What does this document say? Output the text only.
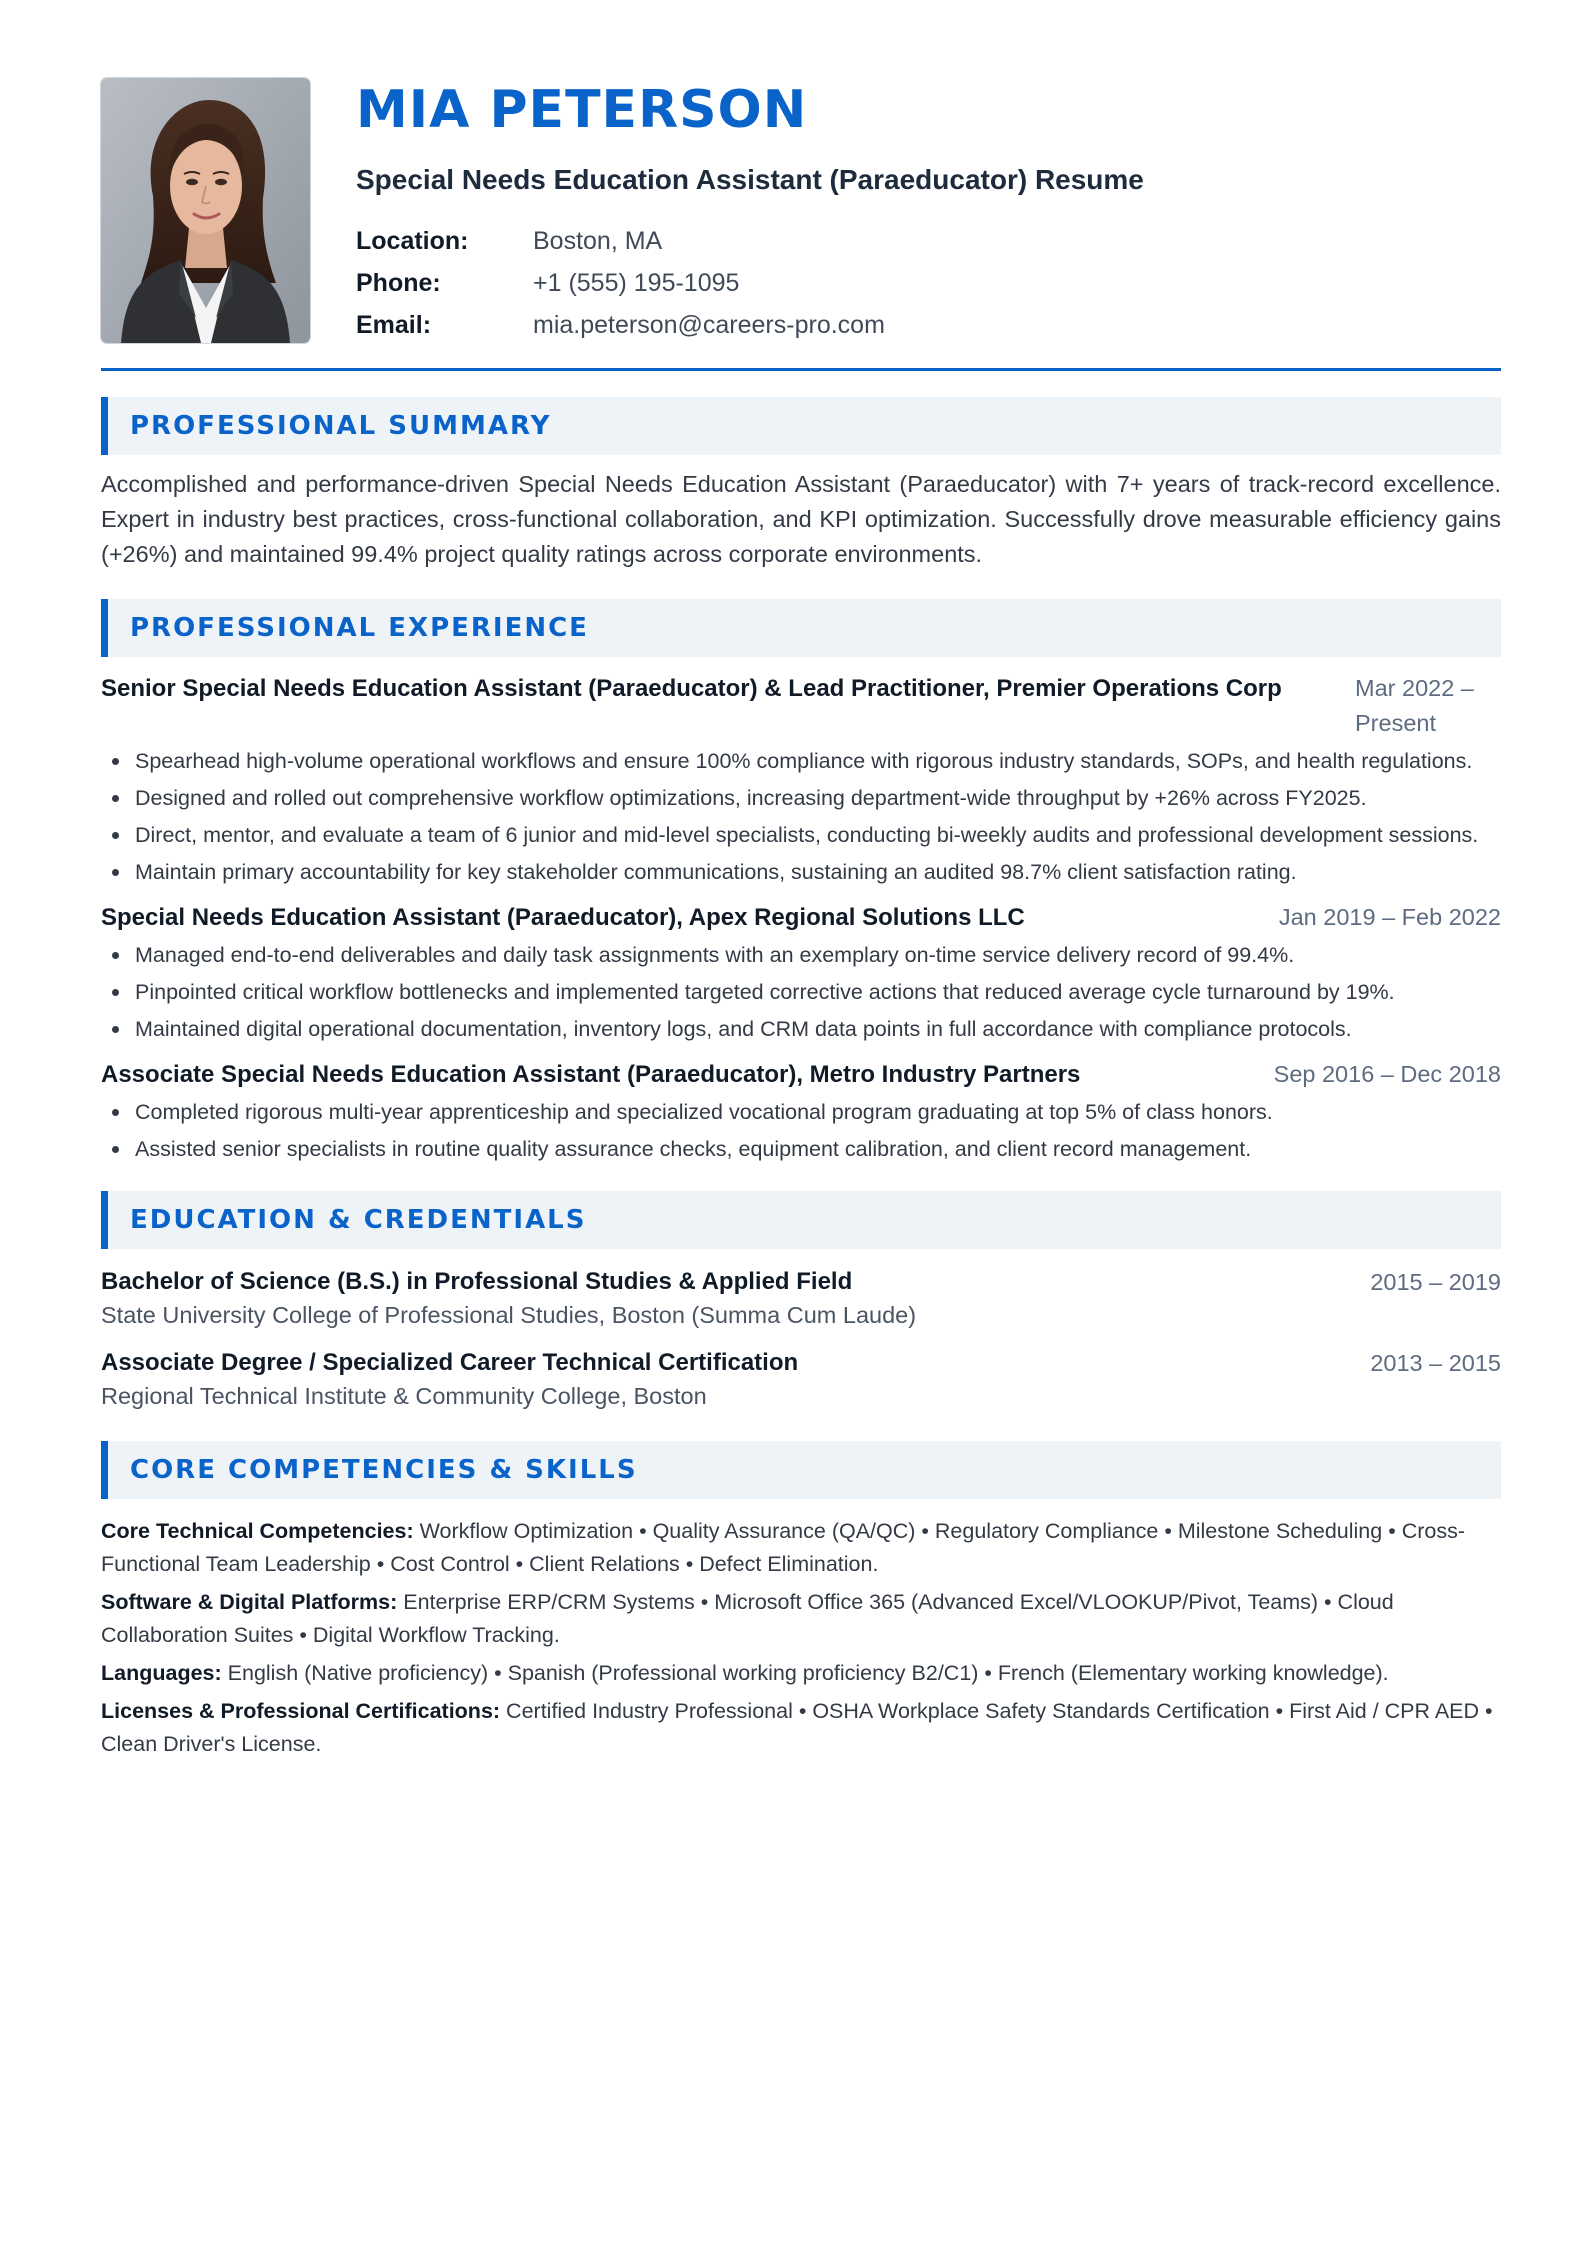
MIA PETERSON
Special Needs Education Assistant (Paraeducator) Resume
Location:	Boston, MA
Phone:	+1 (555) 195-1095
Email:	mia.peterson@careers-pro.com
PROFESSIONAL SUMMARY

Accomplished and performance-driven Special Needs Education Assistant (Paraeducator) with 7+ years of track-record excellence. Expert in industry best practices, cross-functional collaboration, and KPI optimization. Successfully drove measurable efficiency gains (+26%) and maintained 99.4% project quality ratings across corporate environments.

PROFESSIONAL EXPERIENCE
Senior Special Needs Education Assistant (Paraeducator) & Lead Practitioner, Premier Operations Corp	Mar 2022 – Present
Spearhead high-volume operational workflows and ensure 100% compliance with rigorous industry standards, SOPs, and health regulations.
Designed and rolled out comprehensive workflow optimizations, increasing department-wide throughput by +26% across FY2025.
Direct, mentor, and evaluate a team of 6 junior and mid-level specialists, conducting bi-weekly audits and professional development sessions.
Maintain primary accountability for key stakeholder communications, sustaining an audited 98.7% client satisfaction rating.
Special Needs Education Assistant (Paraeducator), Apex Regional Solutions LLC	Jan 2019 – Feb 2022
Managed end-to-end deliverables and daily task assignments with an exemplary on-time service delivery record of 99.4%.
Pinpointed critical workflow bottlenecks and implemented targeted corrective actions that reduced average cycle turnaround by 19%.
Maintained digital operational documentation, inventory logs, and CRM data points in full accordance with compliance protocols.
Associate Special Needs Education Assistant (Paraeducator), Metro Industry Partners	Sep 2016 – Dec 2018
Completed rigorous multi-year apprenticeship and specialized vocational program graduating at top 5% of class honors.
Assisted senior specialists in routine quality assurance checks, equipment calibration, and client record management.
EDUCATION & CREDENTIALS
Bachelor of Science (B.S.) in Professional Studies & Applied Field	2015 – 2019
State University College of Professional Studies, Boston (Summa Cum Laude)
Associate Degree / Specialized Career Technical Certification	2013 – 2015
Regional Technical Institute & Community College, Boston
CORE COMPETENCIES & SKILLS

Core Technical Competencies: Workflow Optimization • Quality Assurance (QA/QC) • Regulatory Compliance • Milestone Scheduling • Cross-Functional Team Leadership • Cost Control • Client Relations • Defect Elimination.

Software & Digital Platforms: Enterprise ERP/CRM Systems • Microsoft Office 365 (Advanced Excel/VLOOKUP/Pivot, Teams) • Cloud Collaboration Suites • Digital Workflow Tracking.

Languages: English (Native proficiency) • Spanish (Professional working proficiency B2/C1) • French (Elementary working knowledge).

Licenses & Professional Certifications: Certified Industry Professional • OSHA Workplace Safety Standards Certification • First Aid / CPR AED • Clean Driver's License.
